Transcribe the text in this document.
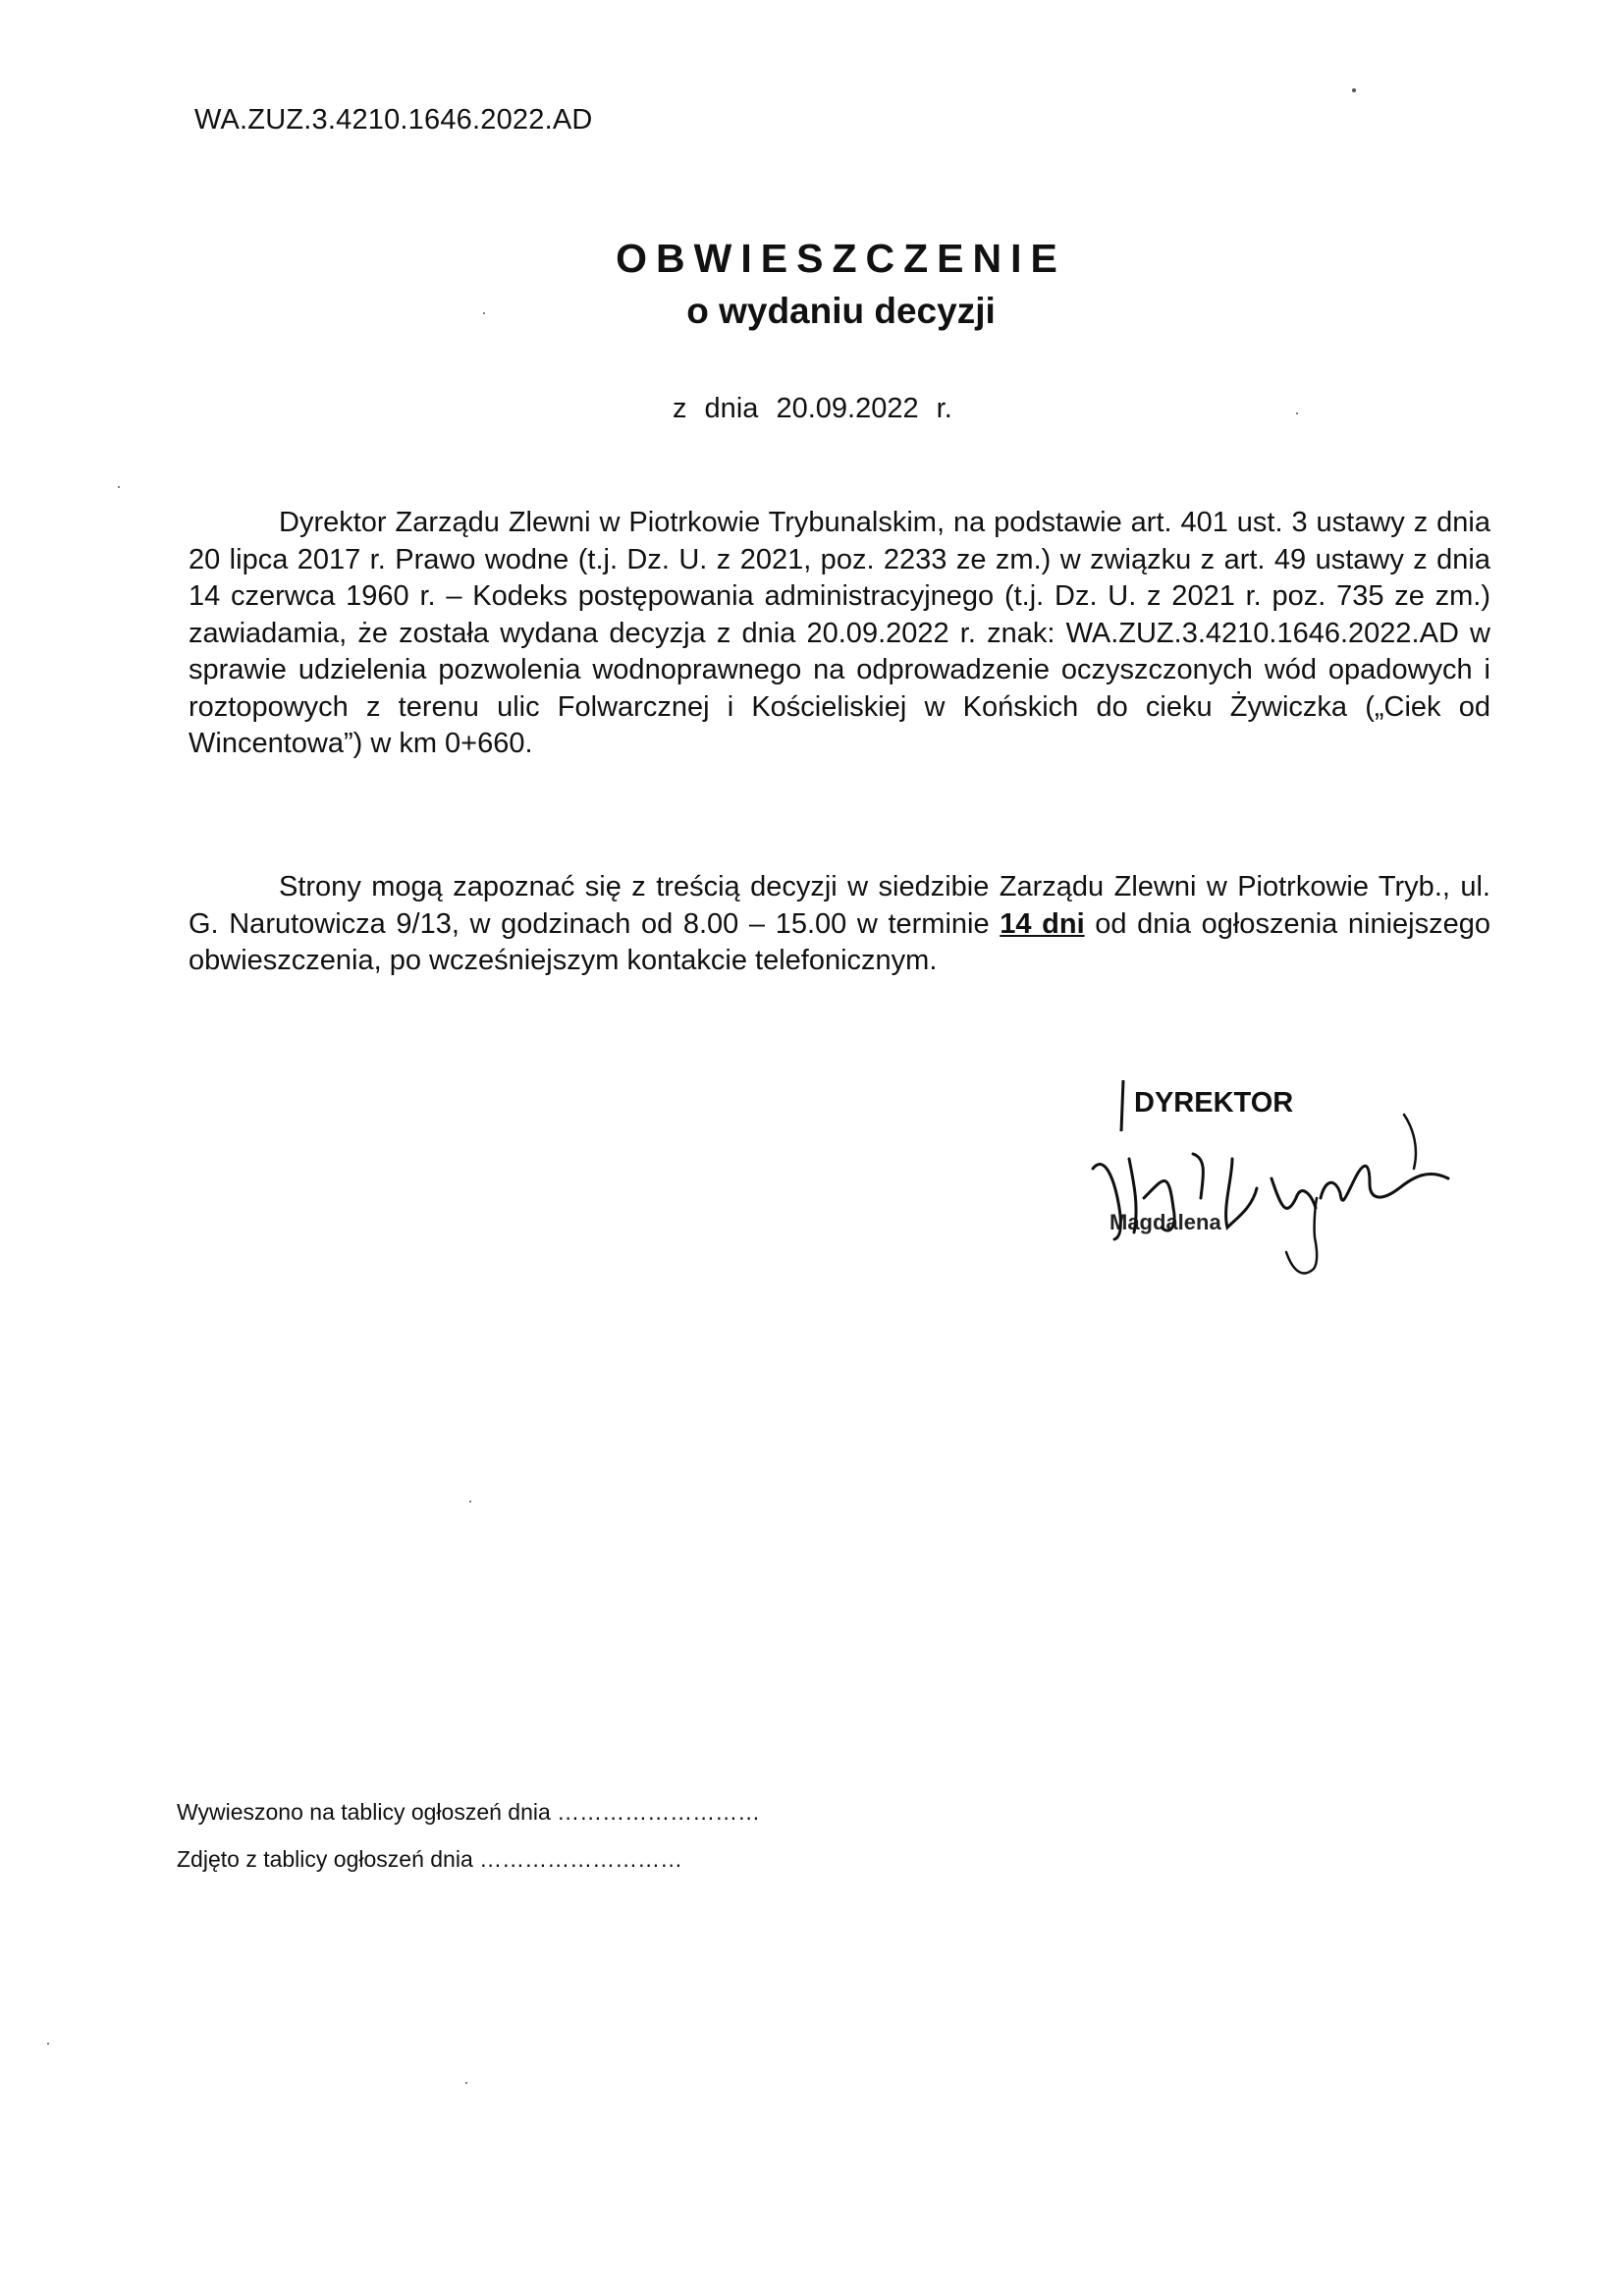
WA.ZUZ.3.4210.1646.2022.AD
OBWIESZCZENIE
o wydaniu decyzji
z dnia 20.09.2022 r.
Dyrektor Zarządu Zlewni w Piotrkowie Trybunalskim, na podstawie art. 401 ust. 3 ustawy z dnia 20 lipca 2017 r. Prawo wodne (t.j. Dz. U. z 2021, poz. 2233 ze zm.) w związku z art. 49 ustawy z dnia 14 czerwca 1960 r. – Kodeks postępowania administracyjnego (t.j. Dz. U. z 2021 r. poz. 735 ze zm.) zawiadamia, że została wydana decyzja z dnia 20.09.2022 r. znak: WA.ZUZ.3.4210.1646.2022.AD w sprawie udzielenia pozwolenia wodnoprawnego na odprowadzenie oczyszczonych wód opadowych i roztopowych z terenu ulic Folwarcznej i Kościeliskiej w Końskich do cieku Żywiczka („Ciek od Wincentowa”) w km 0+660.
Strony mogą zapoznać się z treścią decyzji w siedzibie Zarządu Zlewni w Piotrkowie Tryb., ul. G. Narutowicza 9/13, w godzinach od 8.00 – 15.00 w terminie 14 dni od dnia ogłoszenia niniejszego obwieszczenia, po wcześniejszym kontakcie telefonicznym.
DYREKTOR
Magdalena
Wywieszono na tablicy ogłoszeń dnia ………………………
Zdjęto z tablicy ogłoszeń dnia ………………………
